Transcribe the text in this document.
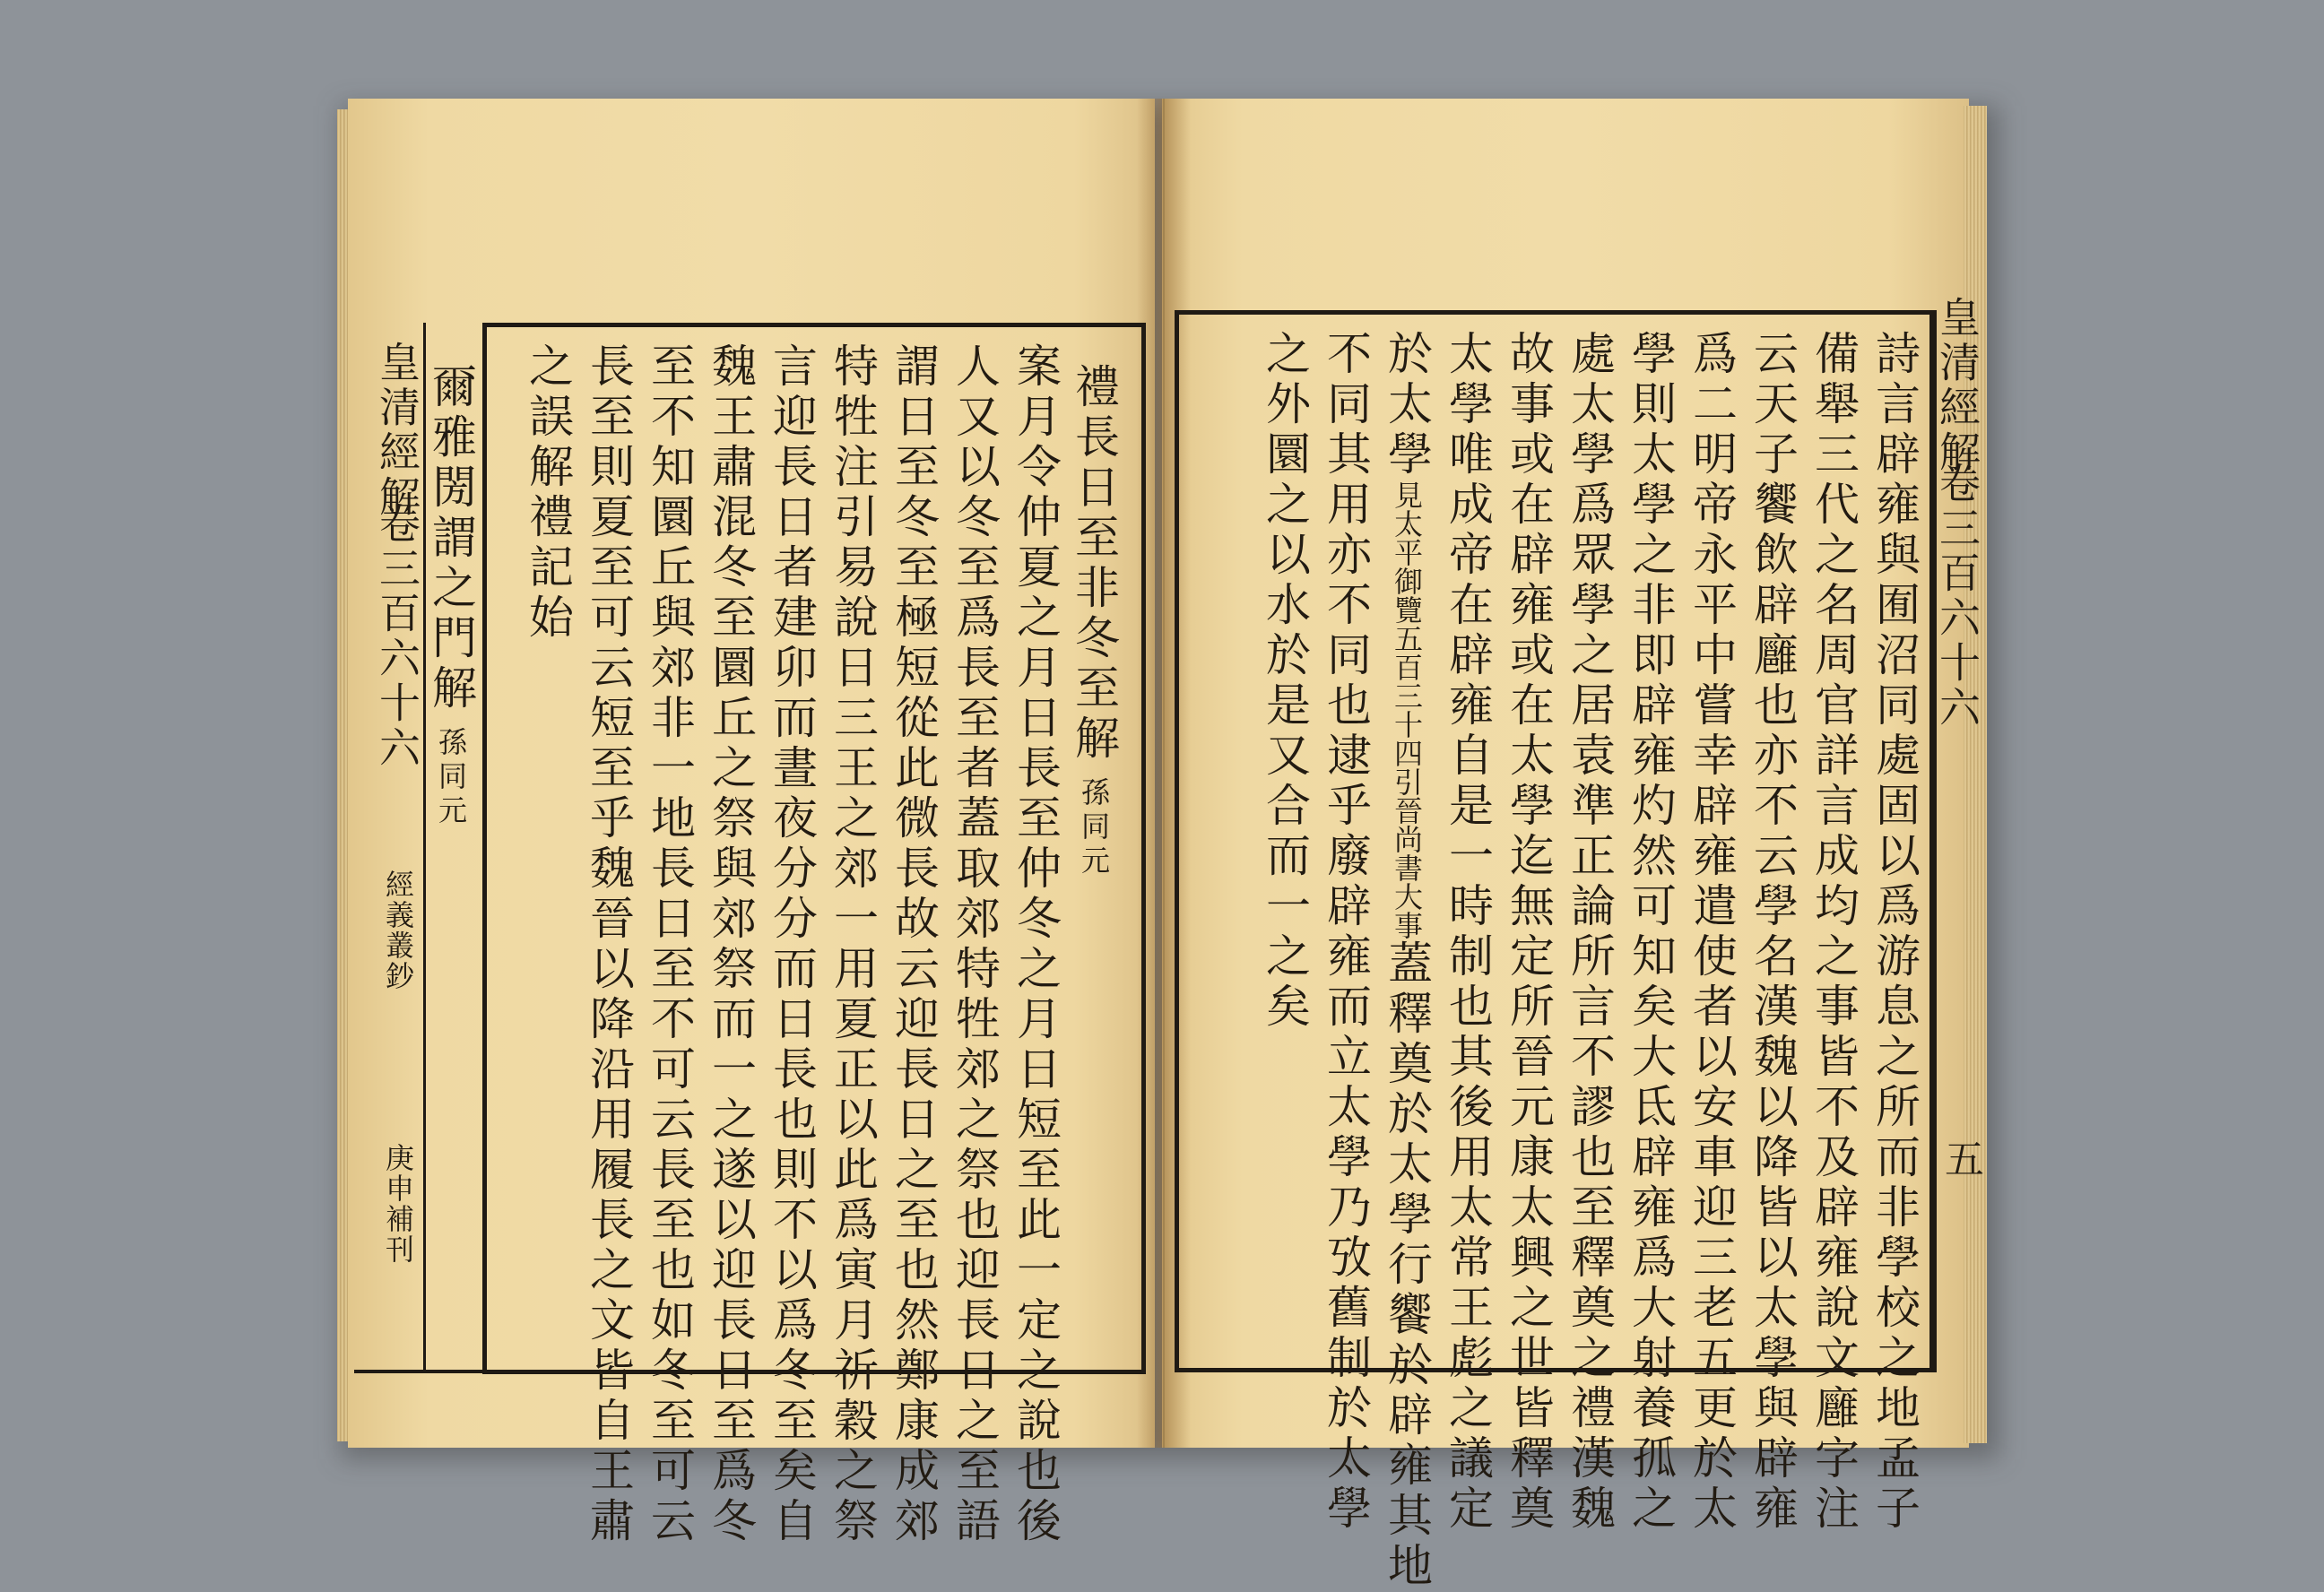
皇清經解
卷三百六十六
經義叢鈔
庚申補刊
禮長日至非冬至解孫同元
案月令仲夏之月日長至仲冬之月日短至此一定之說也後
人又以冬至爲長至者蓋取郊特牲郊之祭也迎長日之至語
謂日至冬至極短從此微長故云迎長日之至也然鄭康成郊
特牲注引易說日三王之郊一用夏正以此爲寅月祈穀之祭
言迎長日者建卯而晝夜分分而日長也則不以爲冬至矣自
魏王肅混冬至圜丘之祭與郊祭而一之遂以迎長日至爲冬
至不知圜丘與郊非一地長日至不可云長至也如冬至可云
長至則夏至可云短至乎魏晉以降沿用履長之文皆自王肅
之誤解禮記始
爾雅閍謂之門解孫同元
皇清經解
卷三百六十六
五
詩言辟雍與囿沼同處固以爲游息之所而非學校之地孟子
備舉三代之名周官詳言成均之事皆不及辟雍說文廱字注
云天子饗飲辟廱也亦不云學名漢魏以降皆以太學與辟雍
爲二明帝永平中嘗幸辟雍遣使者以安車迎三老五更於太
學則太學之非即辟雍灼然可知矣大氐辟雍爲大射養孤之
處太學爲眾學之居袁準正論所言不謬也至釋奠之禮漢魏
故事或在辟雍或在太學迄無定所晉元康太興之世皆釋奠
太學唯成帝在辟雍自是一時制也其後用太常王彪之議定
於太學見太平御覽五百三十四引晉尚書大事蓋釋奠於太學行饗於辟雍其地
不同其用亦不同也逮乎廢辟雍而立太學乃攷舊制於太學
之外圜之以水於是又合而一之矣
